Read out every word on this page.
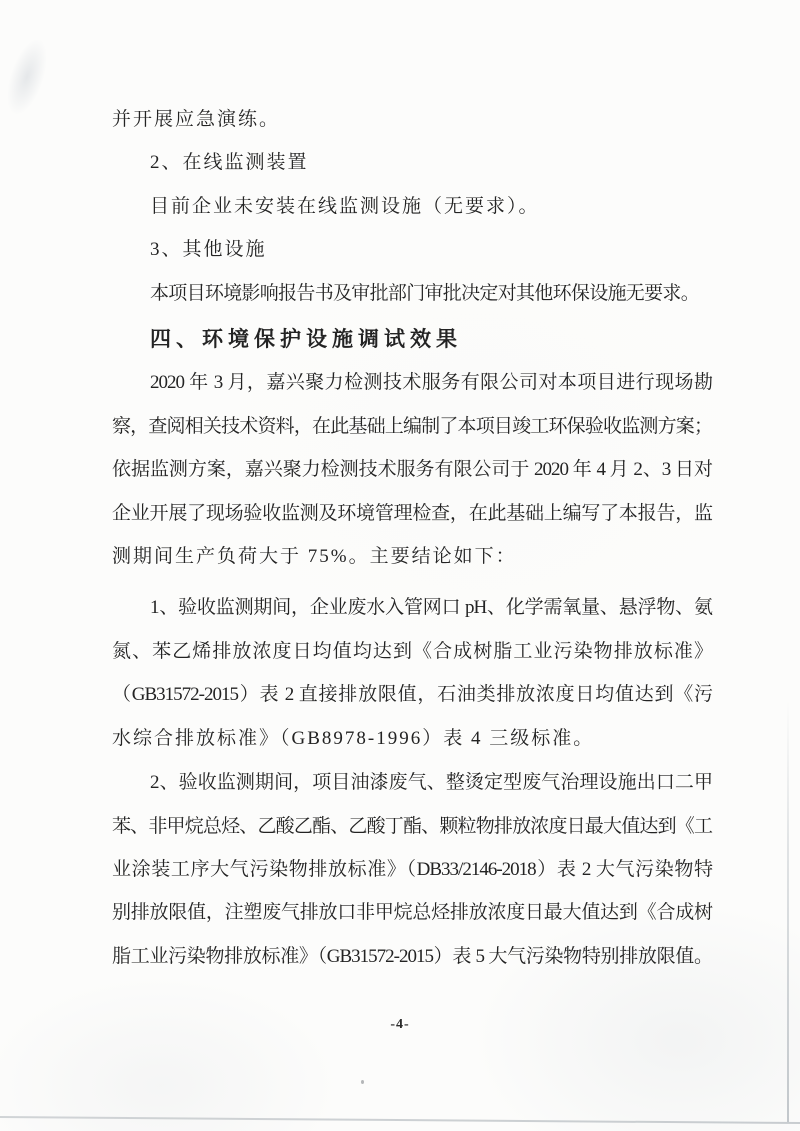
并开展应急演练。
2、在线监测装置
目前企业未安装在线监测设施（无要求）。
3、其他设施
本项目环境影响报告书及审批部门审批决定对其他环保设施无要求。
四、环境保护设施调试效果
2020 年 3 月，嘉兴聚力检测技术服务有限公司对本项目进行现场勘
察，查阅相关技术资料，在此基础上编制了本项目竣工环保验收监测方案；
依据监测方案，嘉兴聚力检测技术服务有限公司于 2020 年 4 月 2、3 日对
企业开展了现场验收监测及环境管理检查，在此基础上编写了本报告，监
测期间生产负荷大于 75%。主要结论如下：
1、验收监测期间，企业废水入管网口 pH、化学需氧量、悬浮物、氨
氮、苯乙烯排放浓度日均值均达到《合成树脂工业污染物排放标准》
（GB31572-2015）表 2 直接排放限值，石油类排放浓度日均值达到《污
水综合排放标准》（GB8978-1996）表 4 三级标准。
2、验收监测期间，项目油漆废气、整烫定型废气治理设施出口二甲
苯、非甲烷总烃、乙酸乙酯、乙酸丁酯、颗粒物排放浓度日最大值达到《工
业涂装工序大气污染物排放标准》（DB33/2146-2018）表 2 大气污染物特
别排放限值，注塑废气排放口非甲烷总烃排放浓度日最大值达到《合成树
脂工业污染物排放标准》（GB31572-2015）表 5 大气污染物特别排放限值。
-4-
